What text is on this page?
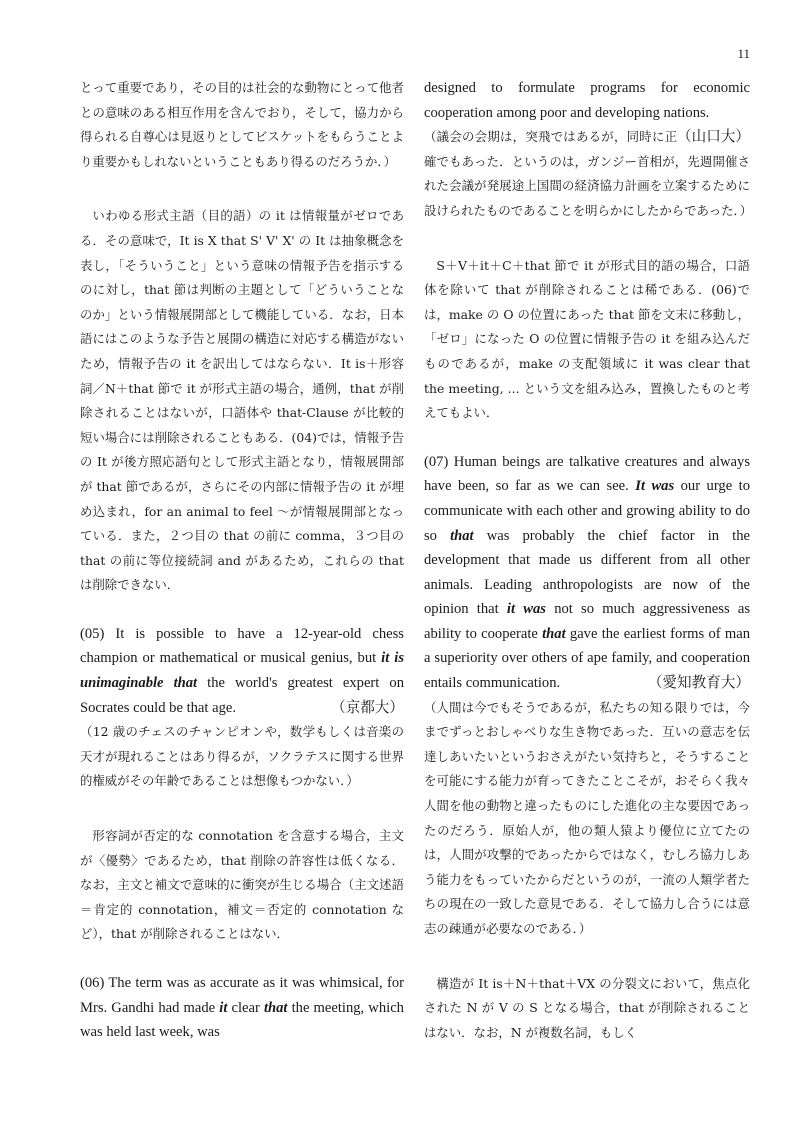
11

とって重要であり，その目的は社会的な動物にとって他者との意味のある相互作用を含んでおり，そして，協力から得られる自尊心は見返りとしてビスケットをもらうことより重要かもしれないということもあり得るのだろうか．）

いわゆる形式主語（目的語）の it は情報量がゼロである．その意味で，It is X that S' V' X' の It は抽象概念を表し，「そういうこと」という意味の情報予告を指示するのに対し，that 節は判断の主題として「どういうことなのか」という情報展開部として機能している．なお，日本語にはこのような予告と展開の構造に対応する構造がないため，情報予告の it を訳出してはならない．It is＋形容詞／N＋that 節で it が形式主語の場合，通例，that が削除されることはないが，口語体や that-Clause が比較的短い場合には削除されることもある．(04)では，情報予告の It が後方照応語句として形式主語となり，情報展開部が that 節であるが，さらにその内部に情報予告の it が埋め込まれ，for an animal to feel ～が情報展開部となっている．また，２つ目の that の前に comma，３つ目の that の前に等位接続詞 and があるため，これらの that は削除できない．

(05) It is possible to have a 12-year-old chess champion or mathematical or musical genius, but it is unimaginable that the world's greatest expert on Socrates could be that age.	（京都大）

（12 歳のチェスのチャンピオンや，数学もしくは音楽の天才が現れることはあり得るが，ソクラテスに関する世界的権威がその年齢であることは想像もつかない．）

形容詞が否定的な connotation を含意する場合，主文が〈優勢〉であるため，that 削除の許容性は低くなる．なお，主文と補文で意味的に衝突が生じる場合（主文述語＝肯定的 connotation，補文＝否定的 connotation など），that が削除されることはない．

(06) The term was as accurate as it was whimsical, for Mrs. Gandhi had made it clear that the meeting, which was held last week, was

designed to formulate programs for economic cooperation among poor and developing nations.
（山口大）

（議会の会期は，突飛ではあるが，同時に正確でもあった．というのは，ガンジー首相が，先週開催された会議が発展途上国間の経済協力計画を立案するために設けられたものであることを明らかにしたからであった．）

S＋V＋it＋C＋that 節で it が形式目的語の場合，口語体を除いて that が削除されることは稀である．(06)では，make の O の位置にあった that 節を文末に移動し，「ゼロ」になった O の位置に情報予告の it を組み込んだものであるが，make の支配領域に it was clear that the meeting, ... という文を組み込み，置換したものと考えてもよい．

(07) Human beings are talkative creatures and always have been, so far as we can see. It was our urge to communicate with each other and growing ability to do so that was probably the chief factor in the development that made us different from all other animals. Leading anthropologists are now of the opinion that it was not so much aggressiveness as ability to cooperate that gave the earliest forms of man a superiority over others of ape family, and cooperation entails communication.	（愛知教育大）

（人間は今でもそうであるが，私たちの知る限りでは，今までずっとおしゃべりな生き物であった．互いの意志を伝達しあいたいというおさえがたい気持ちと，そうすることを可能にする能力が育ってきたことこそが，おそらく我々人間を他の動物と違ったものにした進化の主な要因であったのだろう．原始人が，他の類人猿より優位に立てたのは，人間が攻撃的であったからではなく，むしろ協力しあう能力をもっていたからだというのが，一流の人類学者たちの現在の一致した意見である．そして協力し合うには意志の疎通が必要なのである．）

構造が It is＋N＋that＋VX の分裂文において，焦点化された N が V の S となる場合，that が削除されることはない．なお，N が複数名詞，もしく
